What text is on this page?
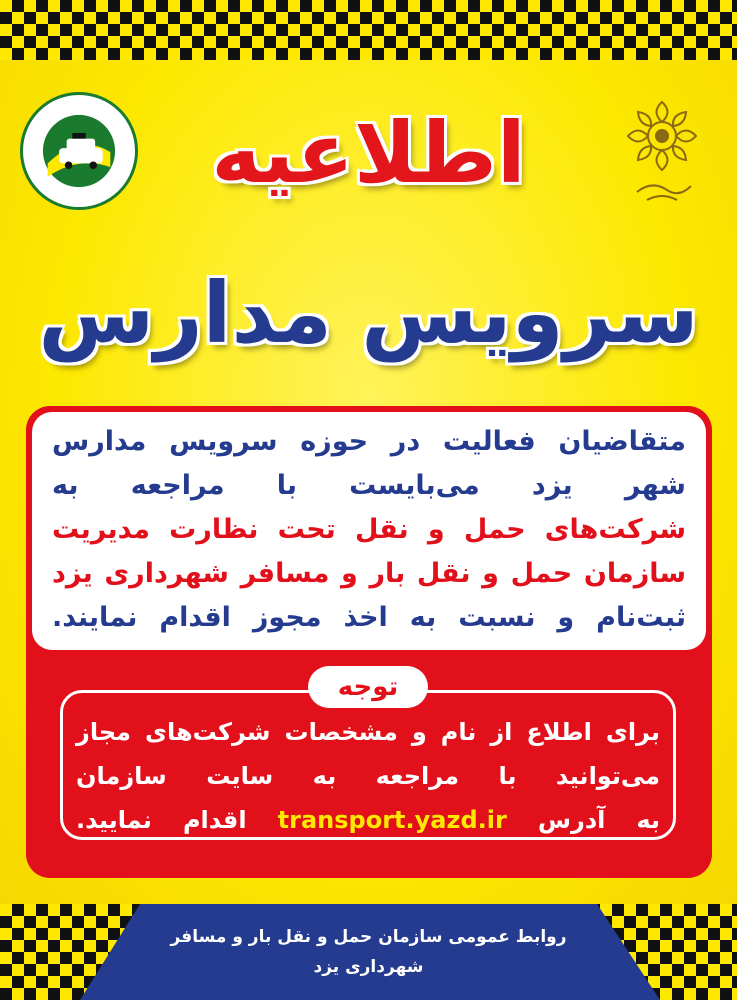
اطلاعیه
سرویس مدارس
متقاضیان فعالیت در حوزه سرویس مدارس
شهر یزد می‌بایست با مراجعه به
شرکت‌های حمل و نقل تحت نظارت مدیریت
سازمان حمل و نقل بار و مسافر شهرداری یزد
ثبت‌نام و نسبت به اخذ مجوز اقدام نمایند.
توجه
برای اطلاع از نام و مشخصات شرکت‌های مجاز
می‌توانید با مراجعه به سایت سازمان
به آدرس transport.yazd.ir اقدام نمایید.
روابط عمومی سازمان حمل و نقل بار و مسافر شهرداری یزد
